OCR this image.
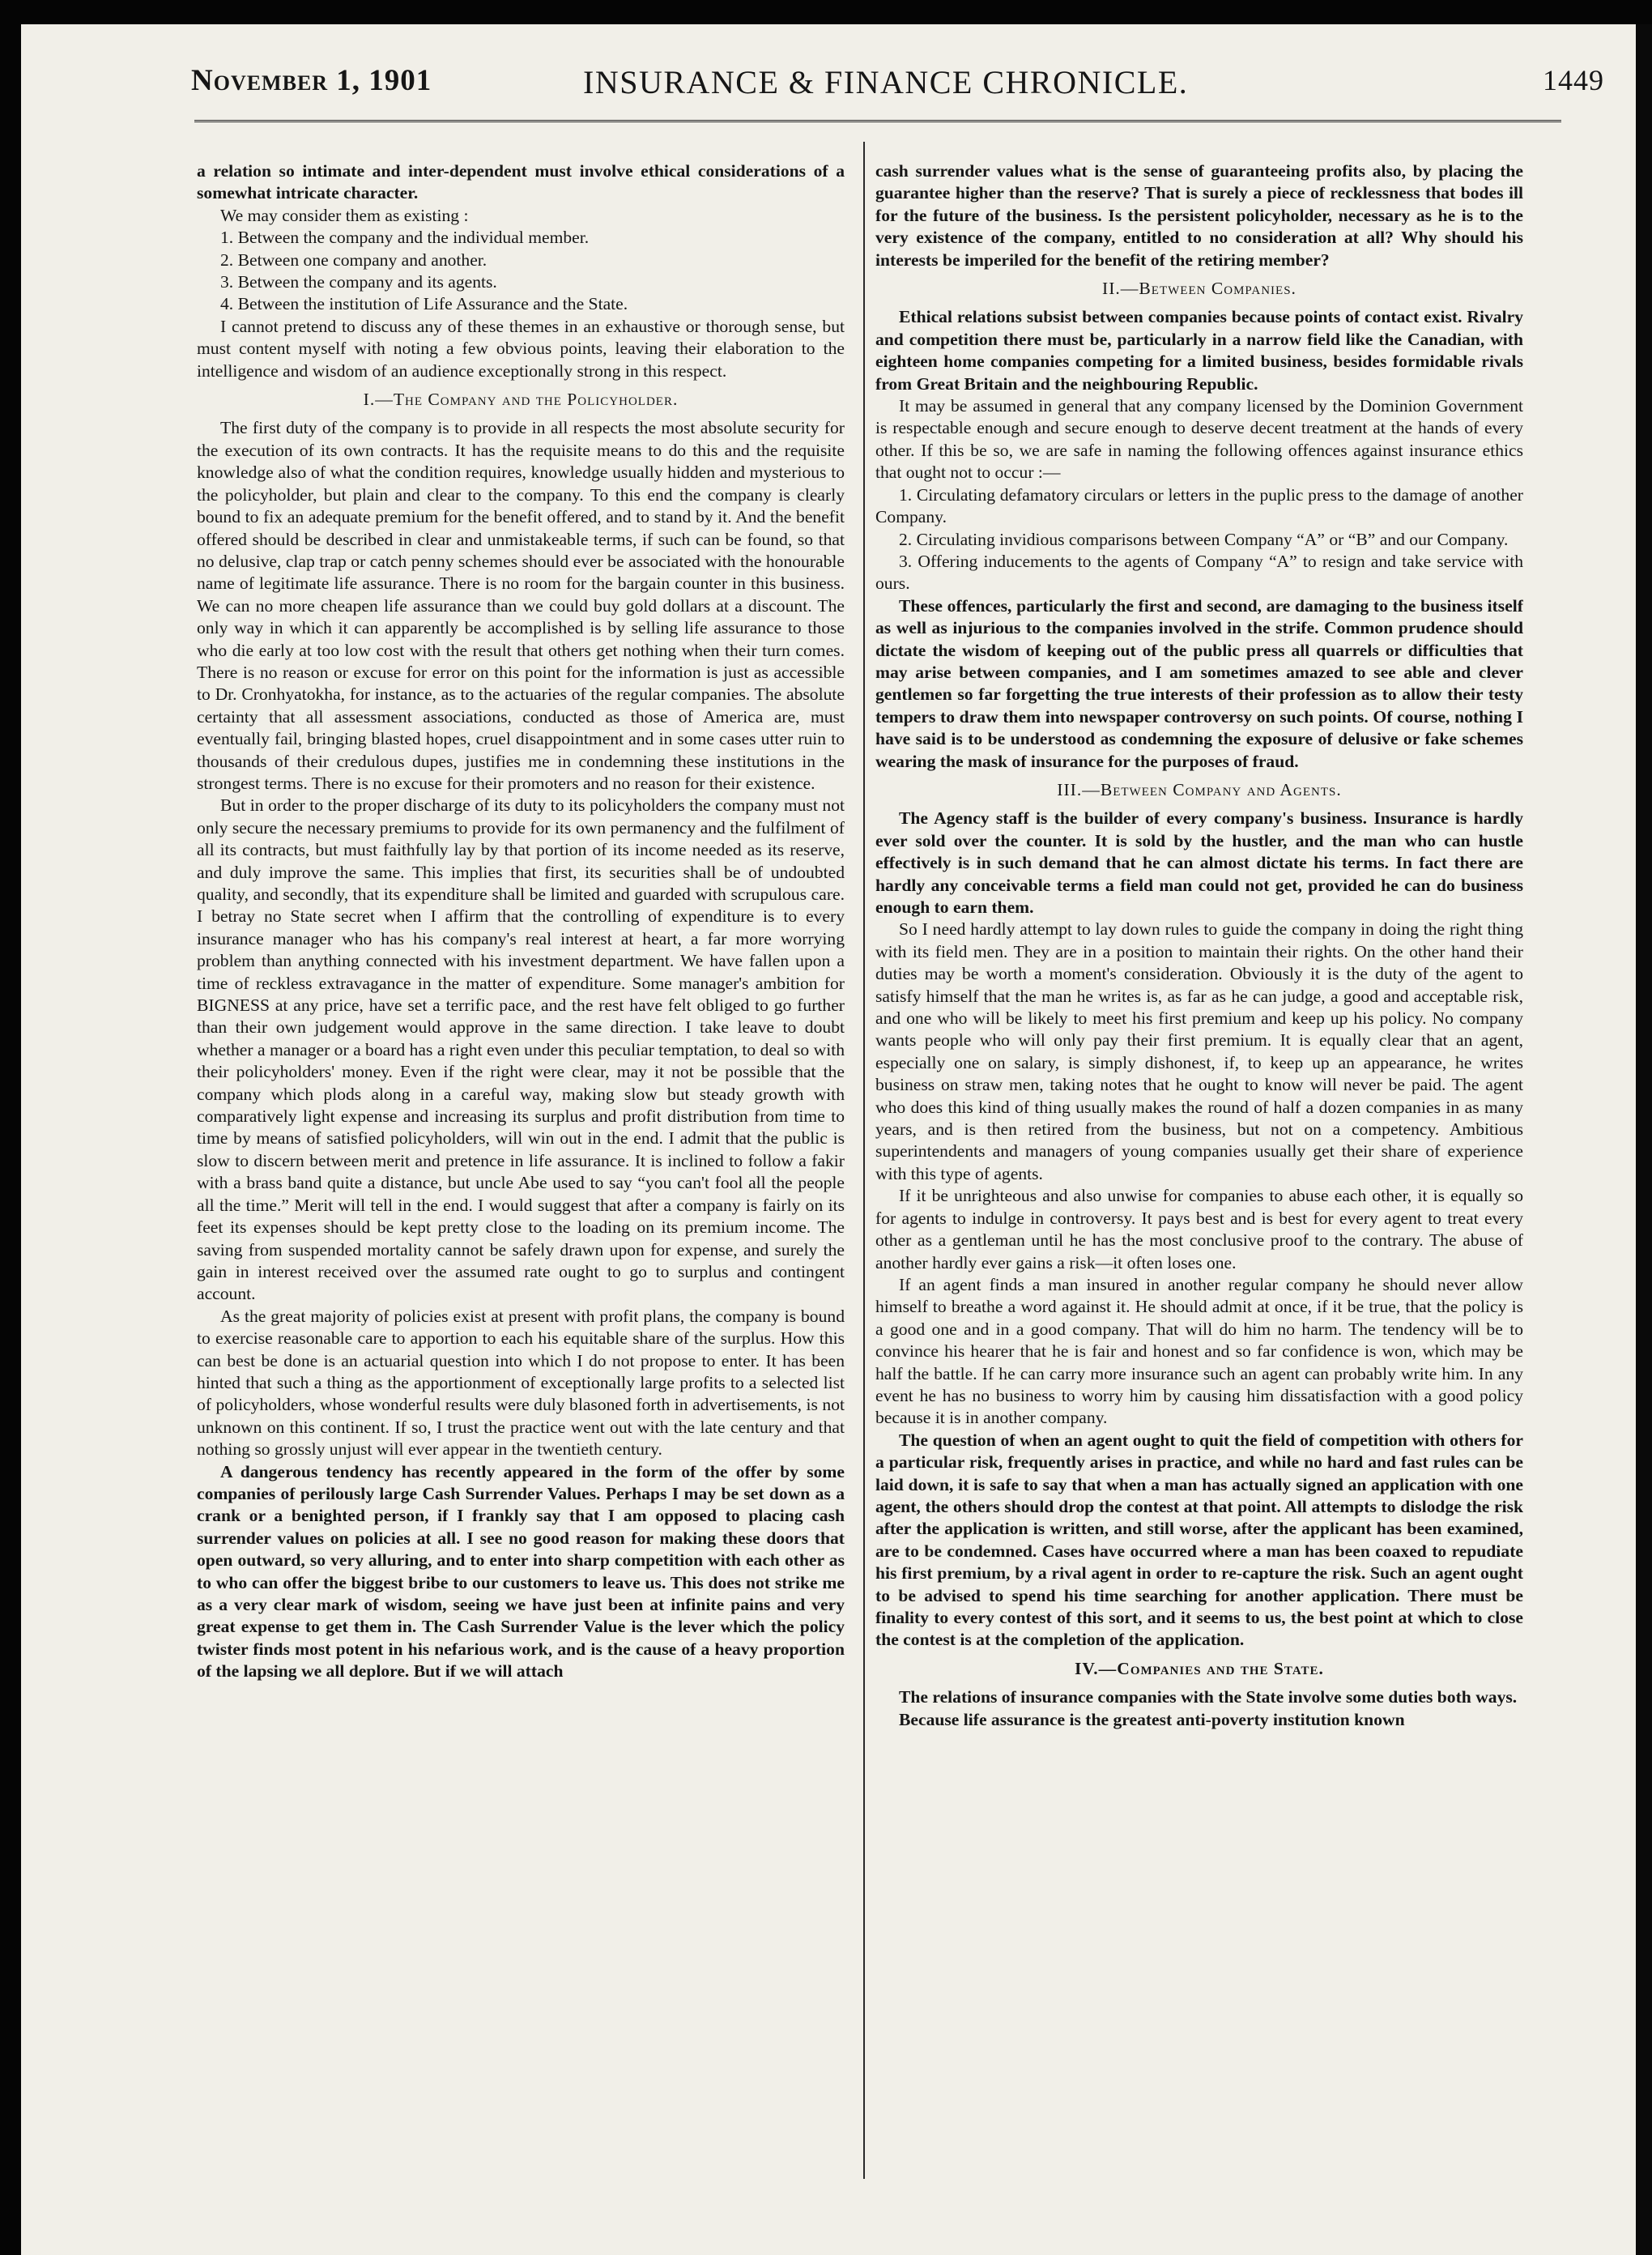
November 1, 1901	INSURANCE & FINANCE CHRONICLE.	1449

a relation so intimate and inter-dependent must involve ethical considerations of a somewhat intricate character.

We may consider them as existing :

1. Between the company and the individual member.

2. Between one company and another.

3. Between the company and its agents.

4. Between the institution of Life Assurance and the State.

I cannot pretend to discuss any of these themes in an exhaustive or thorough sense, but must content myself with noting a few obvious points, leaving their elaboration to the intelligence and wisdom of an audience exceptionally strong in this respect.

I.—The Company and the Policyholder.

The first duty of the company is to provide in all respects the most absolute security for the execution of its own contracts. It has the requisite means to do this and the requisite knowledge also of what the condition requires, knowledge usually hidden and mysterious to the policyholder, but plain and clear to the company. To this end the company is clearly bound to fix an adequate premium for the benefit offered, and to stand by it. And the benefit offered should be described in clear and unmistakeable terms, if such can be found, so that no delusive, clap trap or catch penny schemes should ever be associated with the honourable name of legitimate life assurance. There is no room for the bargain counter in this business. We can no more cheapen life assurance than we could buy gold dollars at a discount. The only way in which it can apparently be accomplished is by selling life assurance to those who die early at too low cost with the result that others get nothing when their turn comes. There is no reason or excuse for error on this point for the information is just as accessible to Dr. Cronhyatokha, for instance, as to the actuaries of the regular companies. The absolute certainty that all assessment associations, conducted as those of America are, must eventually fail, bringing blasted hopes, cruel disappointment and in some cases utter ruin to thousands of their credulous dupes, justifies me in condemning these institutions in the strongest terms. There is no excuse for their promoters and no reason for their existence.

But in order to the proper discharge of its duty to its policyholders the company must not only secure the necessary premiums to provide for its own permanency and the fulfilment of all its contracts, but must faithfully lay by that portion of its income needed as its reserve, and duly improve the same. This implies that first, its securities shall be of undoubted quality, and secondly, that its expenditure shall be limited and guarded with scrupulous care. I betray no State secret when I affirm that the controlling of expenditure is to every insurance manager who has his company's real interest at heart, a far more worrying problem than anything connected with his investment department. We have fallen upon a time of reckless extravagance in the matter of expenditure. Some manager's ambition for BIGNESS at any price, have set a terrific pace, and the rest have felt obliged to go further than their own judgement would approve in the same direction. I take leave to doubt whether a manager or a board has a right even under this peculiar temptation, to deal so with their policyholders' money. Even if the right were clear, may it not be possible that the company which plods along in a careful way, making slow but steady growth with comparatively light expense and increasing its surplus and profit distribution from time to time by means of satisfied policyholders, will win out in the end. I admit that the public is slow to discern between merit and pretence in life assurance. It is inclined to follow a fakir with a brass band quite a distance, but uncle Abe used to say “you can't fool all the people all the time.” Merit will tell in the end. I would suggest that after a company is fairly on its feet its expenses should be kept pretty close to the loading on its premium income. The saving from suspended mortality cannot be safely drawn upon for expense, and surely the gain in interest received over the assumed rate ought to go to surplus and contingent account.

As the great majority of policies exist at present with profit plans, the company is bound to exercise reasonable care to apportion to each his equitable share of the surplus. How this can best be done is an actuarial question into which I do not propose to enter. It has been hinted that such a thing as the apportionment of exceptionally large profits to a selected list of policyholders, whose wonderful results were duly blasoned forth in advertisements, is not unknown on this continent. If so, I trust the practice went out with the late century and that nothing so grossly unjust will ever appear in the twentieth century.

A dangerous tendency has recently appeared in the form of the offer by some companies of perilously large Cash Surrender Values. Perhaps I may be set down as a crank or a benighted person, if I frankly say that I am opposed to placing cash surrender values on policies at all. I see no good reason for making these doors that open outward, so very alluring, and to enter into sharp competition with each other as to who can offer the biggest bribe to our customers to leave us. This does not strike me as a very clear mark of wisdom, seeing we have just been at infinite pains and very great expense to get them in. The Cash Surrender Value is the lever which the policy twister finds most potent in his nefarious work, and is the cause of a heavy proportion of the lapsing we all deplore. But if we will attach

cash surrender values what is the sense of guaranteeing profits also, by placing the guarantee higher than the reserve? That is surely a piece of recklessness that bodes ill for the future of the business. Is the persistent policyholder, necessary as he is to the very existence of the company, entitled to no consideration at all? Why should his interests be imperiled for the benefit of the retiring member?

II.—Between Companies.

Ethical relations subsist between companies because points of contact exist. Rivalry and competition there must be, particularly in a narrow field like the Canadian, with eighteen home companies competing for a limited business, besides formidable rivals from Great Britain and the neighbouring Republic.

It may be assumed in general that any company licensed by the Dominion Government is respectable enough and secure enough to deserve decent treatment at the hands of every other. If this be so, we are safe in naming the following offences against insurance ethics that ought not to occur :—

1. Circulating defamatory circulars or letters in the puplic press to the damage of another Company.

2. Circulating invidious comparisons between Company “A” or “B” and our Company.

3. Offering inducements to the agents of Company “A” to resign and take service with ours.

These offences, particularly the first and second, are damaging to the business itself as well as injurious to the companies involved in the strife. Common prudence should dictate the wisdom of keeping out of the public press all quarrels or difficulties that may arise between companies, and I am sometimes amazed to see able and clever gentlemen so far forgetting the true interests of their profession as to allow their testy tempers to draw them into newspaper controversy on such points. Of course, nothing I have said is to be understood as condemning the exposure of delusive or fake schemes wearing the mask of insurance for the purposes of fraud.

III.—Between Company and Agents.

The Agency staff is the builder of every company's business. Insurance is hardly ever sold over the counter. It is sold by the hustler, and the man who can hustle effectively is in such demand that he can almost dictate his terms. In fact there are hardly any conceivable terms a field man could not get, provided he can do business enough to earn them.

So I need hardly attempt to lay down rules to guide the company in doing the right thing with its field men. They are in a position to maintain their rights. On the other hand their duties may be worth a moment's consideration. Obviously it is the duty of the agent to satisfy himself that the man he writes is, as far as he can judge, a good and acceptable risk, and one who will be likely to meet his first premium and keep up his policy. No company wants people who will only pay their first premium. It is equally clear that an agent, especially one on salary, is simply dishonest, if, to keep up an appearance, he writes business on straw men, taking notes that he ought to know will never be paid. The agent who does this kind of thing usually makes the round of half a dozen companies in as many years, and is then retired from the business, but not on a competency. Ambitious superintendents and managers of young companies usually get their share of experience with this type of agents.

If it be unrighteous and also unwise for companies to abuse each other, it is equally so for agents to indulge in controversy. It pays best and is best for every agent to treat every other as a gentleman until he has the most conclusive proof to the contrary. The abuse of another hardly ever gains a risk—it often loses one.

If an agent finds a man insured in another regular company he should never allow himself to breathe a word against it. He should admit at once, if it be true, that the policy is a good one and in a good company. That will do him no harm. The tendency will be to convince his hearer that he is fair and honest and so far confidence is won, which may be half the battle. If he can carry more insurance such an agent can probably write him. In any event he has no business to worry him by causing him dissatisfaction with a good policy because it is in another company.

The question of when an agent ought to quit the field of competition with others for a particular risk, frequently arises in practice, and while no hard and fast rules can be laid down, it is safe to say that when a man has actually signed an application with one agent, the others should drop the contest at that point. All attempts to dislodge the risk after the application is written, and still worse, after the applicant has been examined, are to be condemned. Cases have occurred where a man has been coaxed to repudiate his first premium, by a rival agent in order to re-capture the risk. Such an agent ought to be advised to spend his time searching for another application. There must be finality to every contest of this sort, and it seems to us, the best point at which to close the contest is at the completion of the application.

IV.—Companies and the State.

The relations of insurance companies with the State involve some duties both ways.

Because life assurance is the greatest anti-poverty institution known
